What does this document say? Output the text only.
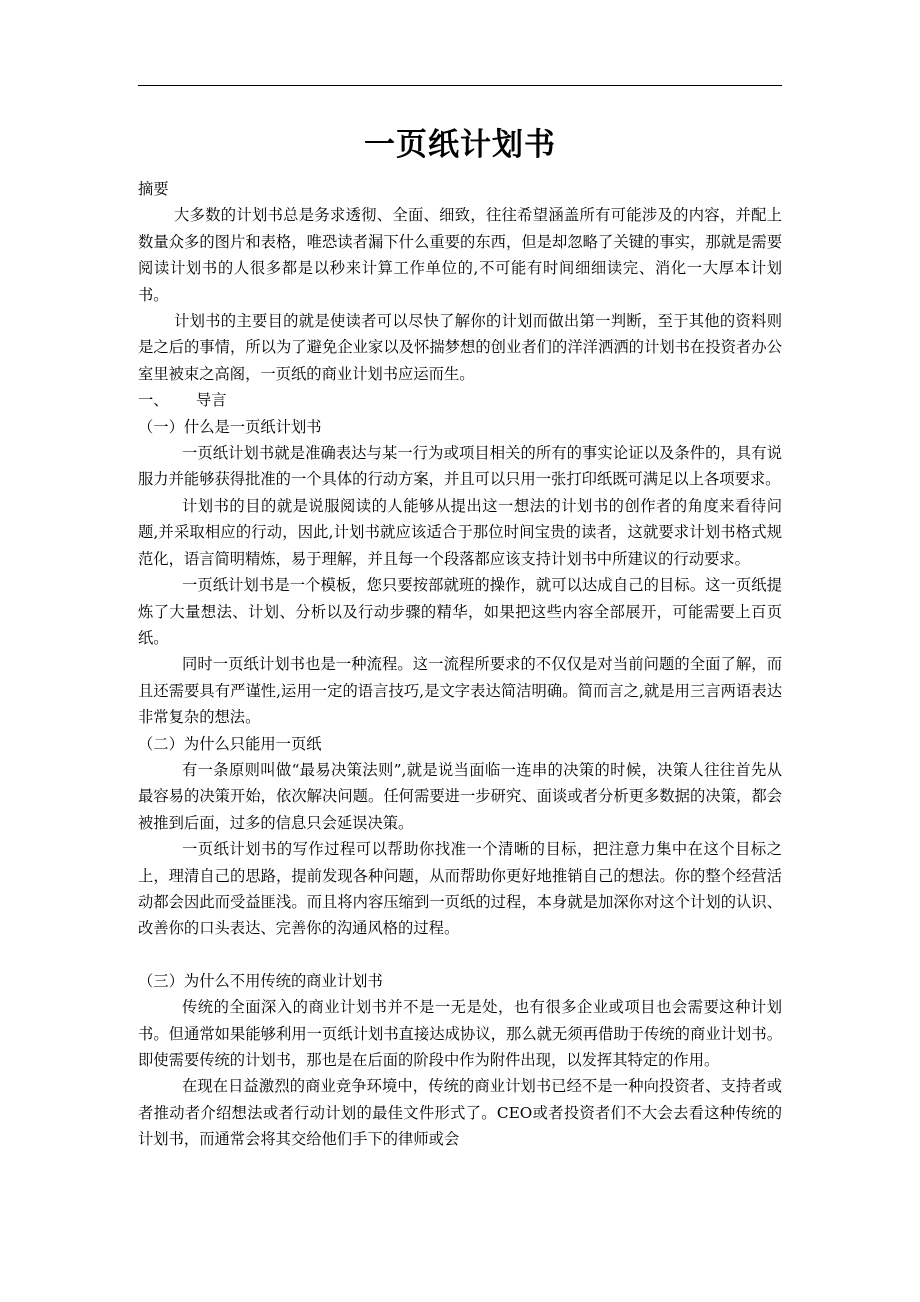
一页纸计划书

摘要

大多数的计划书总是务求透彻、全面、细致，往往希望涵盖所有可能涉及的内容，并配上数量众多的图片和表格，唯恐读者漏下什么重要的东西，但是却忽略了关键的事实，那就是需要阅读计划书的人很多都是以秒来计算工作单位的,不可能有时间细细读完、消化一大厚本计划书。

计划书的主要目的就是使读者可以尽快了解你的计划而做出第一判断，至于其他的资料则是之后的事情，所以为了避免企业家以及怀揣梦想的创业者们的洋洋洒洒的计划书在投资者办公室里被束之高阁，一页纸的商业计划书应运而生。

一、 导言

（一）什么是一页纸计划书

一页纸计划书就是准确表达与某一行为或项目相关的所有的事实论证以及条件的，具有说服力并能够获得批准的一个具体的行动方案，并且可以只用一张打印纸既可满足以上各项要求。

计划书的目的就是说服阅读的人能够从提出这一想法的计划书的创作者的角度来看待问题,并采取相应的行动，因此,计划书就应该适合于那位时间宝贵的读者，这就要求计划书格式规范化，语言简明精炼，易于理解，并且每一个段落都应该支持计划书中所建议的行动要求。

一页纸计划书是一个模板，您只要按部就班的操作，就可以达成自己的目标。这一页纸提炼了大量想法、计划、分析以及行动步骤的精华，如果把这些内容全部展开，可能需要上百页纸。

同时一页纸计划书也是一种流程。这一流程所要求的不仅仅是对当前问题的全面了解，而且还需要具有严谨性,运用一定的语言技巧,是文字表达简洁明确。简而言之,就是用三言两语表达非常复杂的想法。

（二）为什么只能用一页纸

有一条原则叫做“最易决策法则”,就是说当面临一连串的决策的时候，决策人往往首先从最容易的决策开始，依次解决问题。任何需要进一步研究、面谈或者分析更多数据的决策，都会被推到后面，过多的信息只会延误决策。

一页纸计划书的写作过程可以帮助你找准一个清晰的目标，把注意力集中在这个目标之上，理清自己的思路，提前发现各种问题，从而帮助你更好地推销自己的想法。你的整个经营活动都会因此而受益匪浅。而且将内容压缩到一页纸的过程，本身就是加深你对这个计划的认识、改善你的口头表达、完善你的沟通风格的过程。

（三）为什么不用传统的商业计划书

传统的全面深入的商业计划书并不是一无是处，也有很多企业或项目也会需要这种计划书。但通常如果能够利用一页纸计划书直接达成协议，那么就无须再借助于传统的商业计划书。即使需要传统的计划书，那也是在后面的阶段中作为附件出现，以发挥其特定的作用。

在现在日益激烈的商业竞争环境中，传统的商业计划书已经不是一种向投资者、支持者或者推动者介绍想法或者行动计划的最佳文件形式了。CEO或者投资者们不大会去看这种传统的计划书，而通常会将其交给他们手下的律师或会
